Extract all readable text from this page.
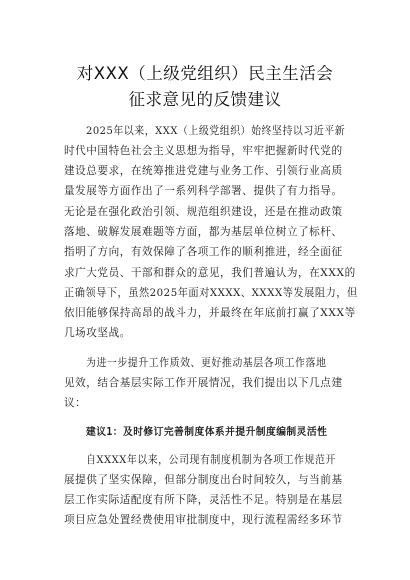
对XXX（上级党组织）民主生活会
征求意见的反馈建议
2025年以来，XXX（上级党组织）始终坚持以习近平新
时代中国特色社会主义思想为指导，牢牢把握新时代党的
建设总要求，在统筹推进党建与业务工作、引领行业高质
量发展等方面作出了一系列科学部署、提供了有力指导。
无论是在强化政治引领、规范组织建设，还是在推动政策
落地、破解发展难题等方面，都为基层单位树立了标杆、
指明了方向，有效保障了各项工作的顺利推进，经全面征
求广大党员、干部和群众的意见，我们普遍认为，在XXX的
正确领导下，虽然2025年面对XXXX、XXXX等发展阻力，但
依旧能够保持高昂的战斗力，并最终在年底前打赢了XXX等
几场攻坚战。
为进一步提升工作质效、更好推动基层各项工作落地
见效，结合基层实际工作开展情况，我们提出以下几点建
议：
建议1：及时修订完善制度体系并提升制度编制灵活性
自XXXX年以来，公司现有制度机制为各项工作规范开
展提供了坚实保障，但部分制度出台时间较久，与当前基
层工作实际适配度有所下降，灵活性不足。特别是在基层
项目应急处置经费使用审批制度中，现行流程需经多环节
